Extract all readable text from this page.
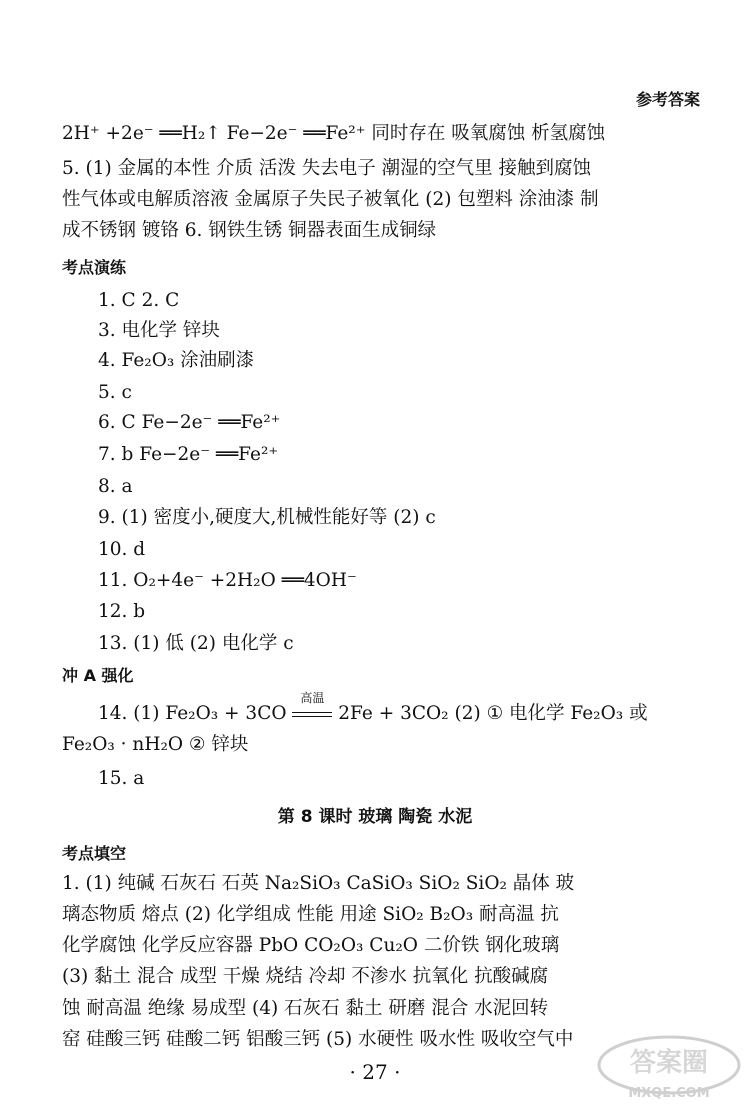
参考答案
2H⁺ +2e⁻ ══H₂↑ Fe−2e⁻ ══Fe²⁺ 同时存在 吸氧腐蚀 析氢腐蚀
5. (1) 金属的本性 介质 活泼 失去电子 潮湿的空气里 接触到腐蚀
性气体或电解质溶液 金属原子失民子被氧化 (2) 包塑料 涂油漆 制
成不锈钢 镀铬 6. 钢铁生锈 铜器表面生成铜绿
考点演练
1. C 2. C
3. 电化学 锌块
4. Fe₂O₃ 涂油刷漆
5. c
6. C Fe−2e⁻ ══Fe²⁺
7. b Fe−2e⁻ ══Fe²⁺
8. a
9. (1) 密度小,硬度大,机械性能好等 (2) c
10. d
11. O₂+4e⁻ +2H₂O ══4OH⁻
12. b
13. (1) 低 (2) 电化学 c
冲 A 强化
14. (1) Fe₂O₃ + 3CO
高温
2Fe + 3CO₂ (2) ① 电化学 Fe₂O₃ 或
Fe₂O₃ · nH₂O ② 锌块
15. a
第 8 课时 玻璃 陶瓷 水泥
考点填空
1. (1) 纯碱 石灰石 石英 Na₂SiO₃ CaSiO₃ SiO₂ SiO₂ 晶体 玻
璃态物质 熔点 (2) 化学组成 性能 用途 SiO₂ B₂O₃ 耐高温 抗
化学腐蚀 化学反应容器 PbO CO₂O₃ Cu₂O 二价铁 钢化玻璃
(3) 黏土 混合 成型 干燥 烧结 冷却 不渗水 抗氧化 抗酸碱腐
蚀 耐高温 绝缘 易成型 (4) 石灰石 黏土 研磨 混合 水泥回转
窑 硅酸三钙 硅酸二钙 铝酸三钙 (5) 水硬性 吸水性 吸收空气中
· 27 ·	答案圈
MXQE.COM
